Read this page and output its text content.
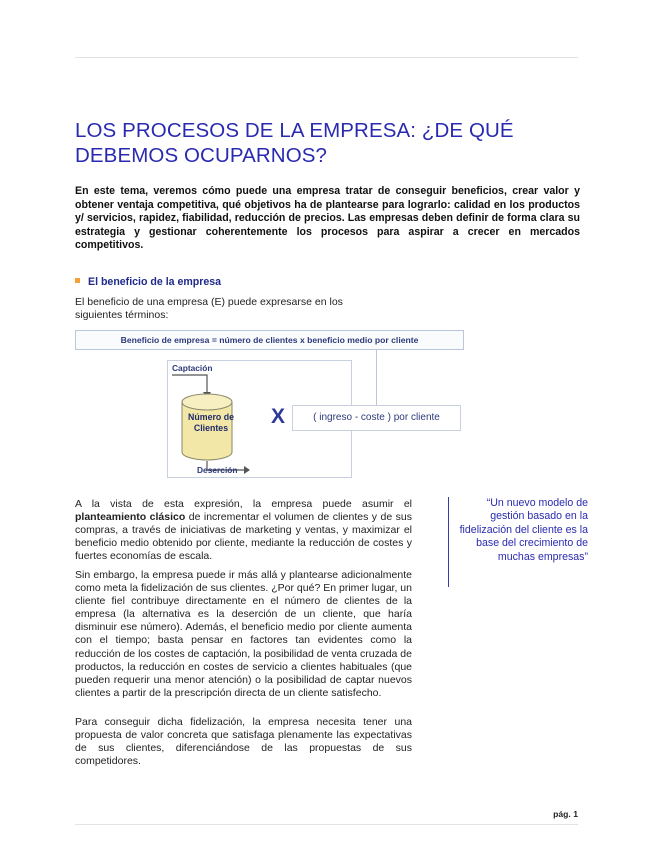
LOS PROCESOS DE LA EMPRESA: ¿DE QUÉ DEBEMOS OCUPARNOS?

En este tema, veremos cómo puede una empresa tratar de conseguir beneficios, crear valor y obtener ventaja competitiva, qué objetivos ha de plantearse para lograrlo: calidad en los productos y/ servicios, rapidez, fiabilidad, reducción de precios. Las empresas deben definir de forma clara su estrategia y gestionar coherentemente los procesos para aspirar a crecer en mercados competitivos.

El beneficio de la empresa

El beneficio de una empresa (E) puede expresarse en los siguientes términos:

Beneficio de empresa = número de clientes x beneficio medio por cliente
Captación
Número de
Clientes
Deserción
X	( ingreso - coste ) por cliente

A la vista de esta expresión, la empresa puede asumir el planteamiento clásico de incrementar el volumen de clientes y de sus compras, a través de iniciativas de marketing y ventas, y maximizar el beneficio medio obtenido por cliente, mediante la reducción de costes y fuertes economías de escala.

Sin embargo, la empresa puede ir más allá y plantearse adicionalmente como meta la fidelización de sus clientes. ¿Por qué? En primer lugar, un cliente fiel contribuye directamente en el número de clientes de la empresa (la alternativa es la deserción de un cliente, que haría disminuir ese número). Además, el beneficio medio por cliente aumenta con el tiempo; basta pensar en factores tan evidentes como la reducción de los costes de captación, la posibilidad de venta cruzada de productos, la reducción en costes de servicio a clientes habituales (que pueden requerir una menor atención) o la posibilidad de captar nuevos clientes a partir de la prescripción directa de un cliente satisfecho.

Para conseguir dicha fidelización, la empresa necesita tener una propuesta de valor concreta que satisfaga plenamente las expectativas de sus clientes, diferenciándose de las propuestas de sus competidores.

“Un nuevo modelo de gestión basado en la fidelización del cliente es la base del crecimiento de muchas empresas”
pág. 1
